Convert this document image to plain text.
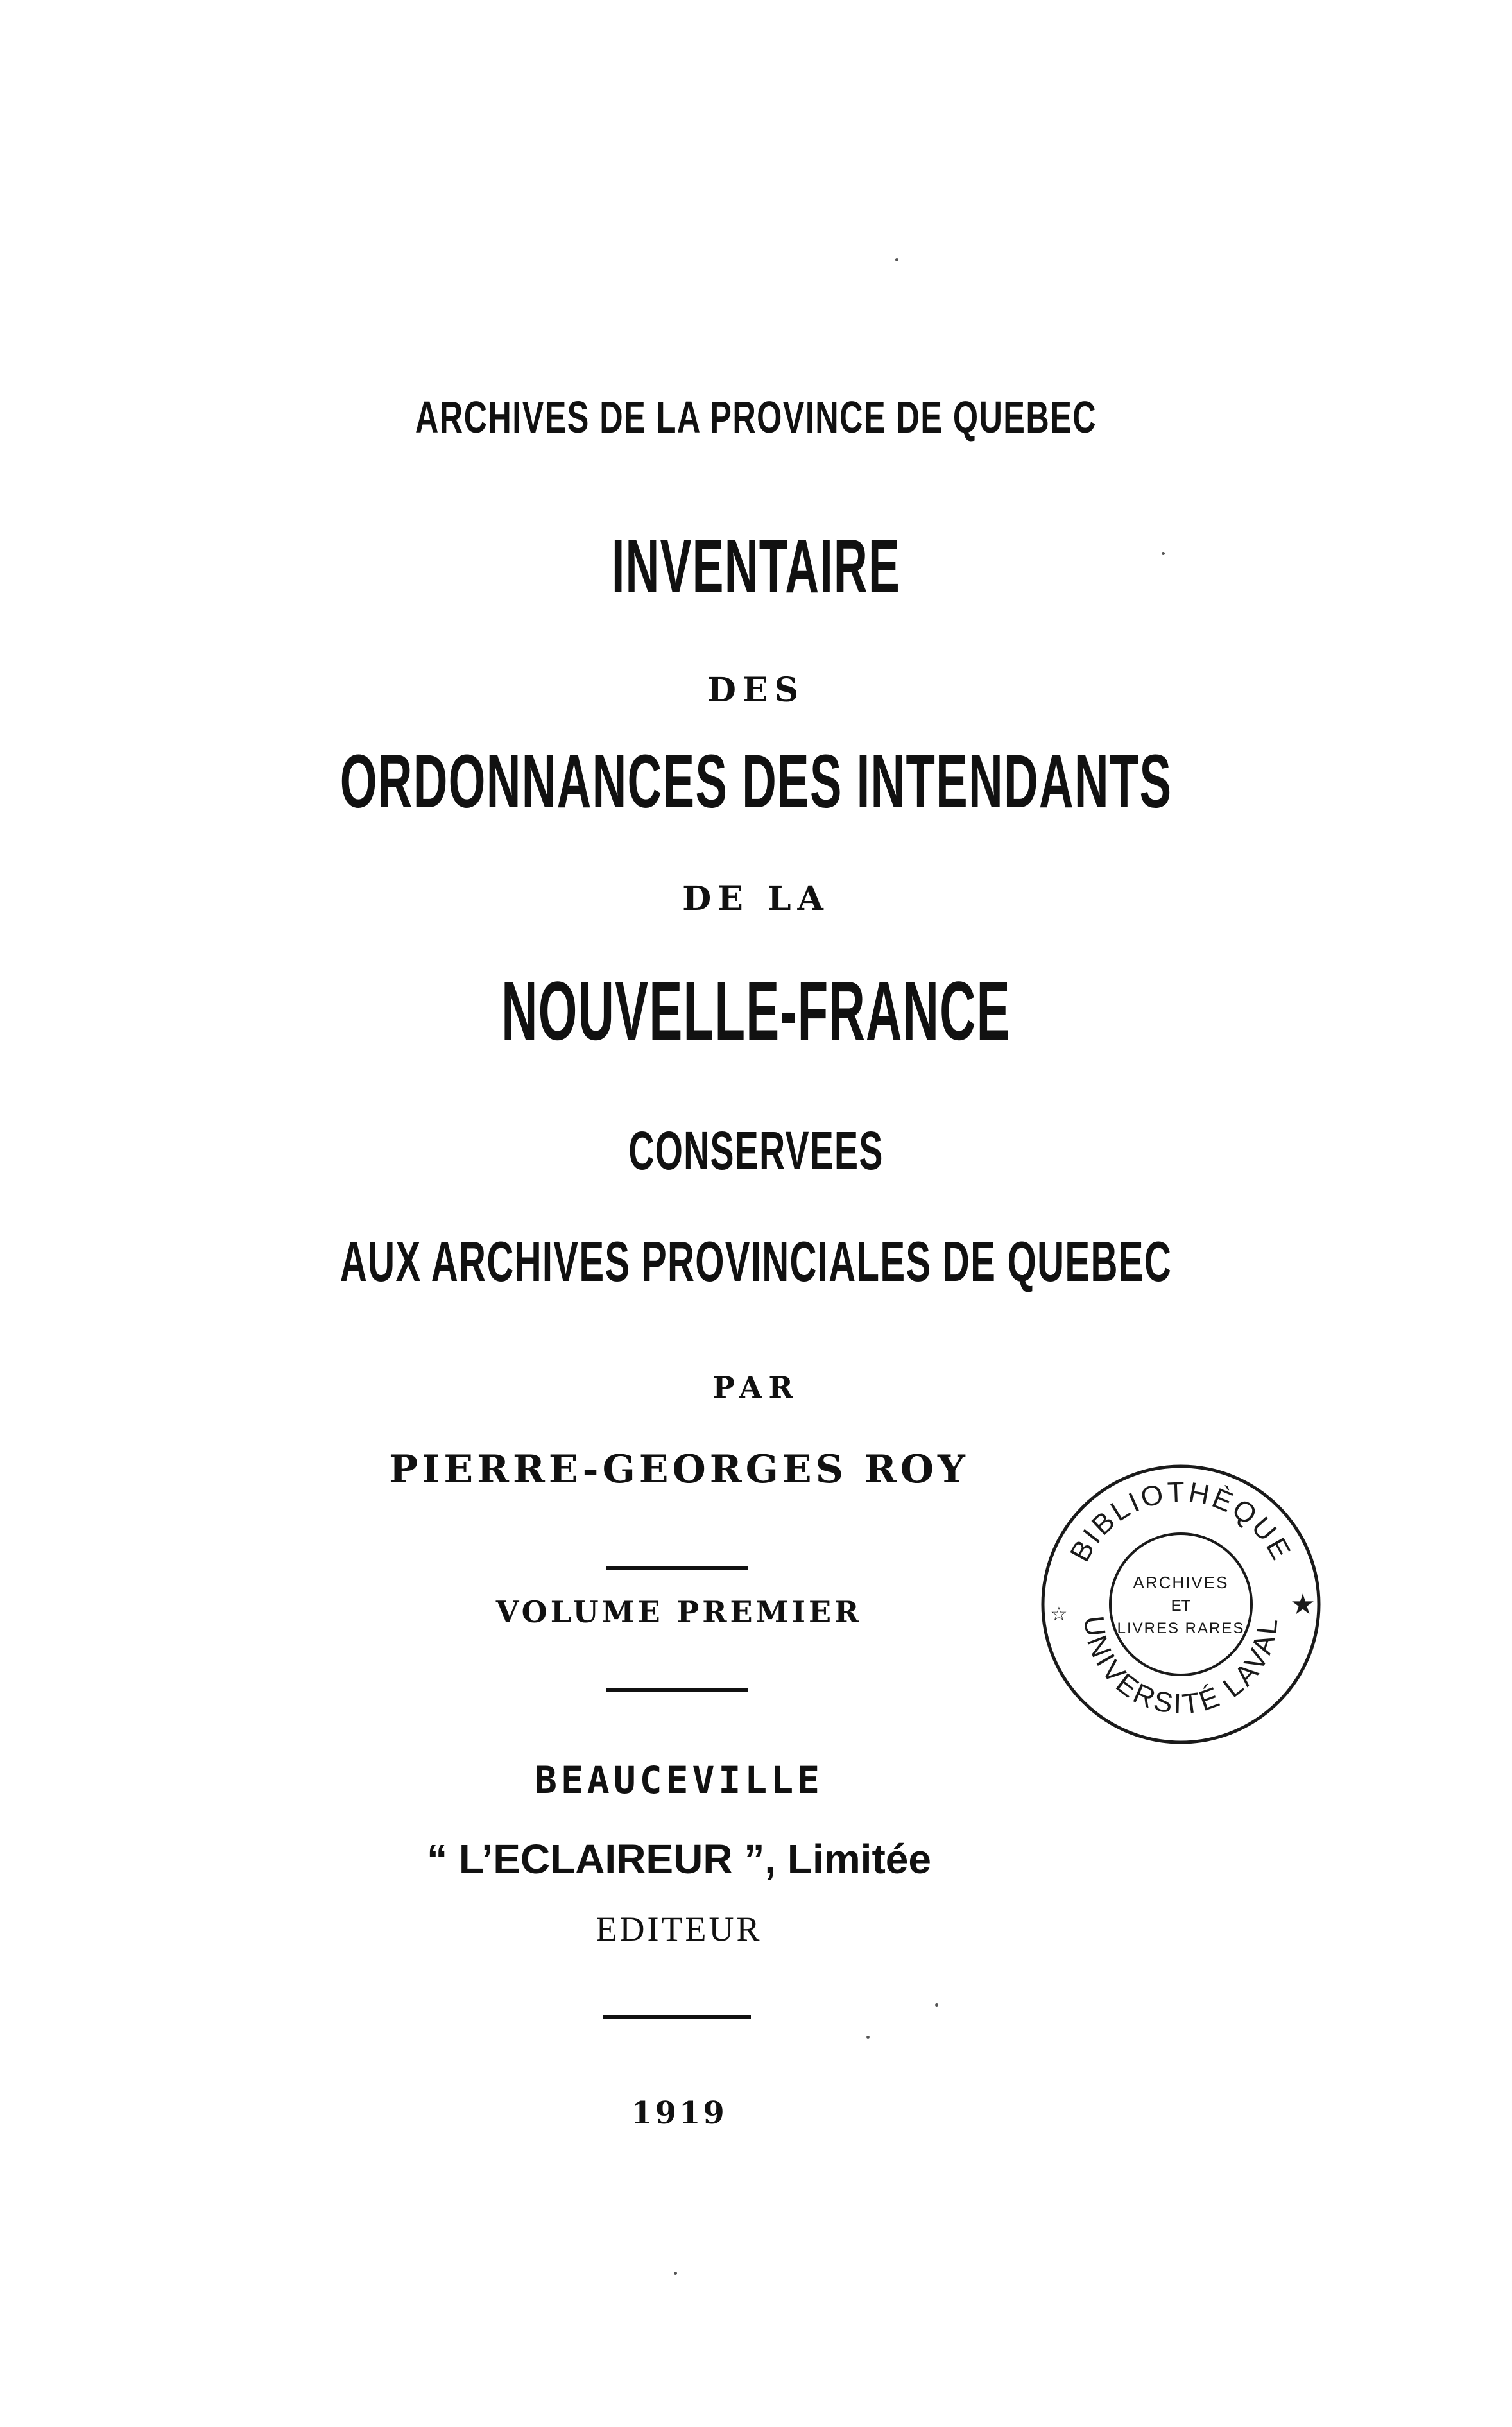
ARCHIVES DE LA PROVINCE DE QUEBEC
INVENTAIRE
DES
ORDONNANCES DES INTENDANTS
DE LA
NOUVELLE-FRANCE
CONSERVEES
AUX ARCHIVES PROVINCIALES DE QUEBEC
PAR
PIERRE-GEORGES ROY
VOLUME PREMIER
BEAUCEVILLE
“ L’ECLAIREUR ”, Limitée
EDITEUR
1919
BIBLIOTHÈQUE
UNIVERSITÉ LAVAL
ARCHIVES
ET
LIVRES RARES
★
☆
